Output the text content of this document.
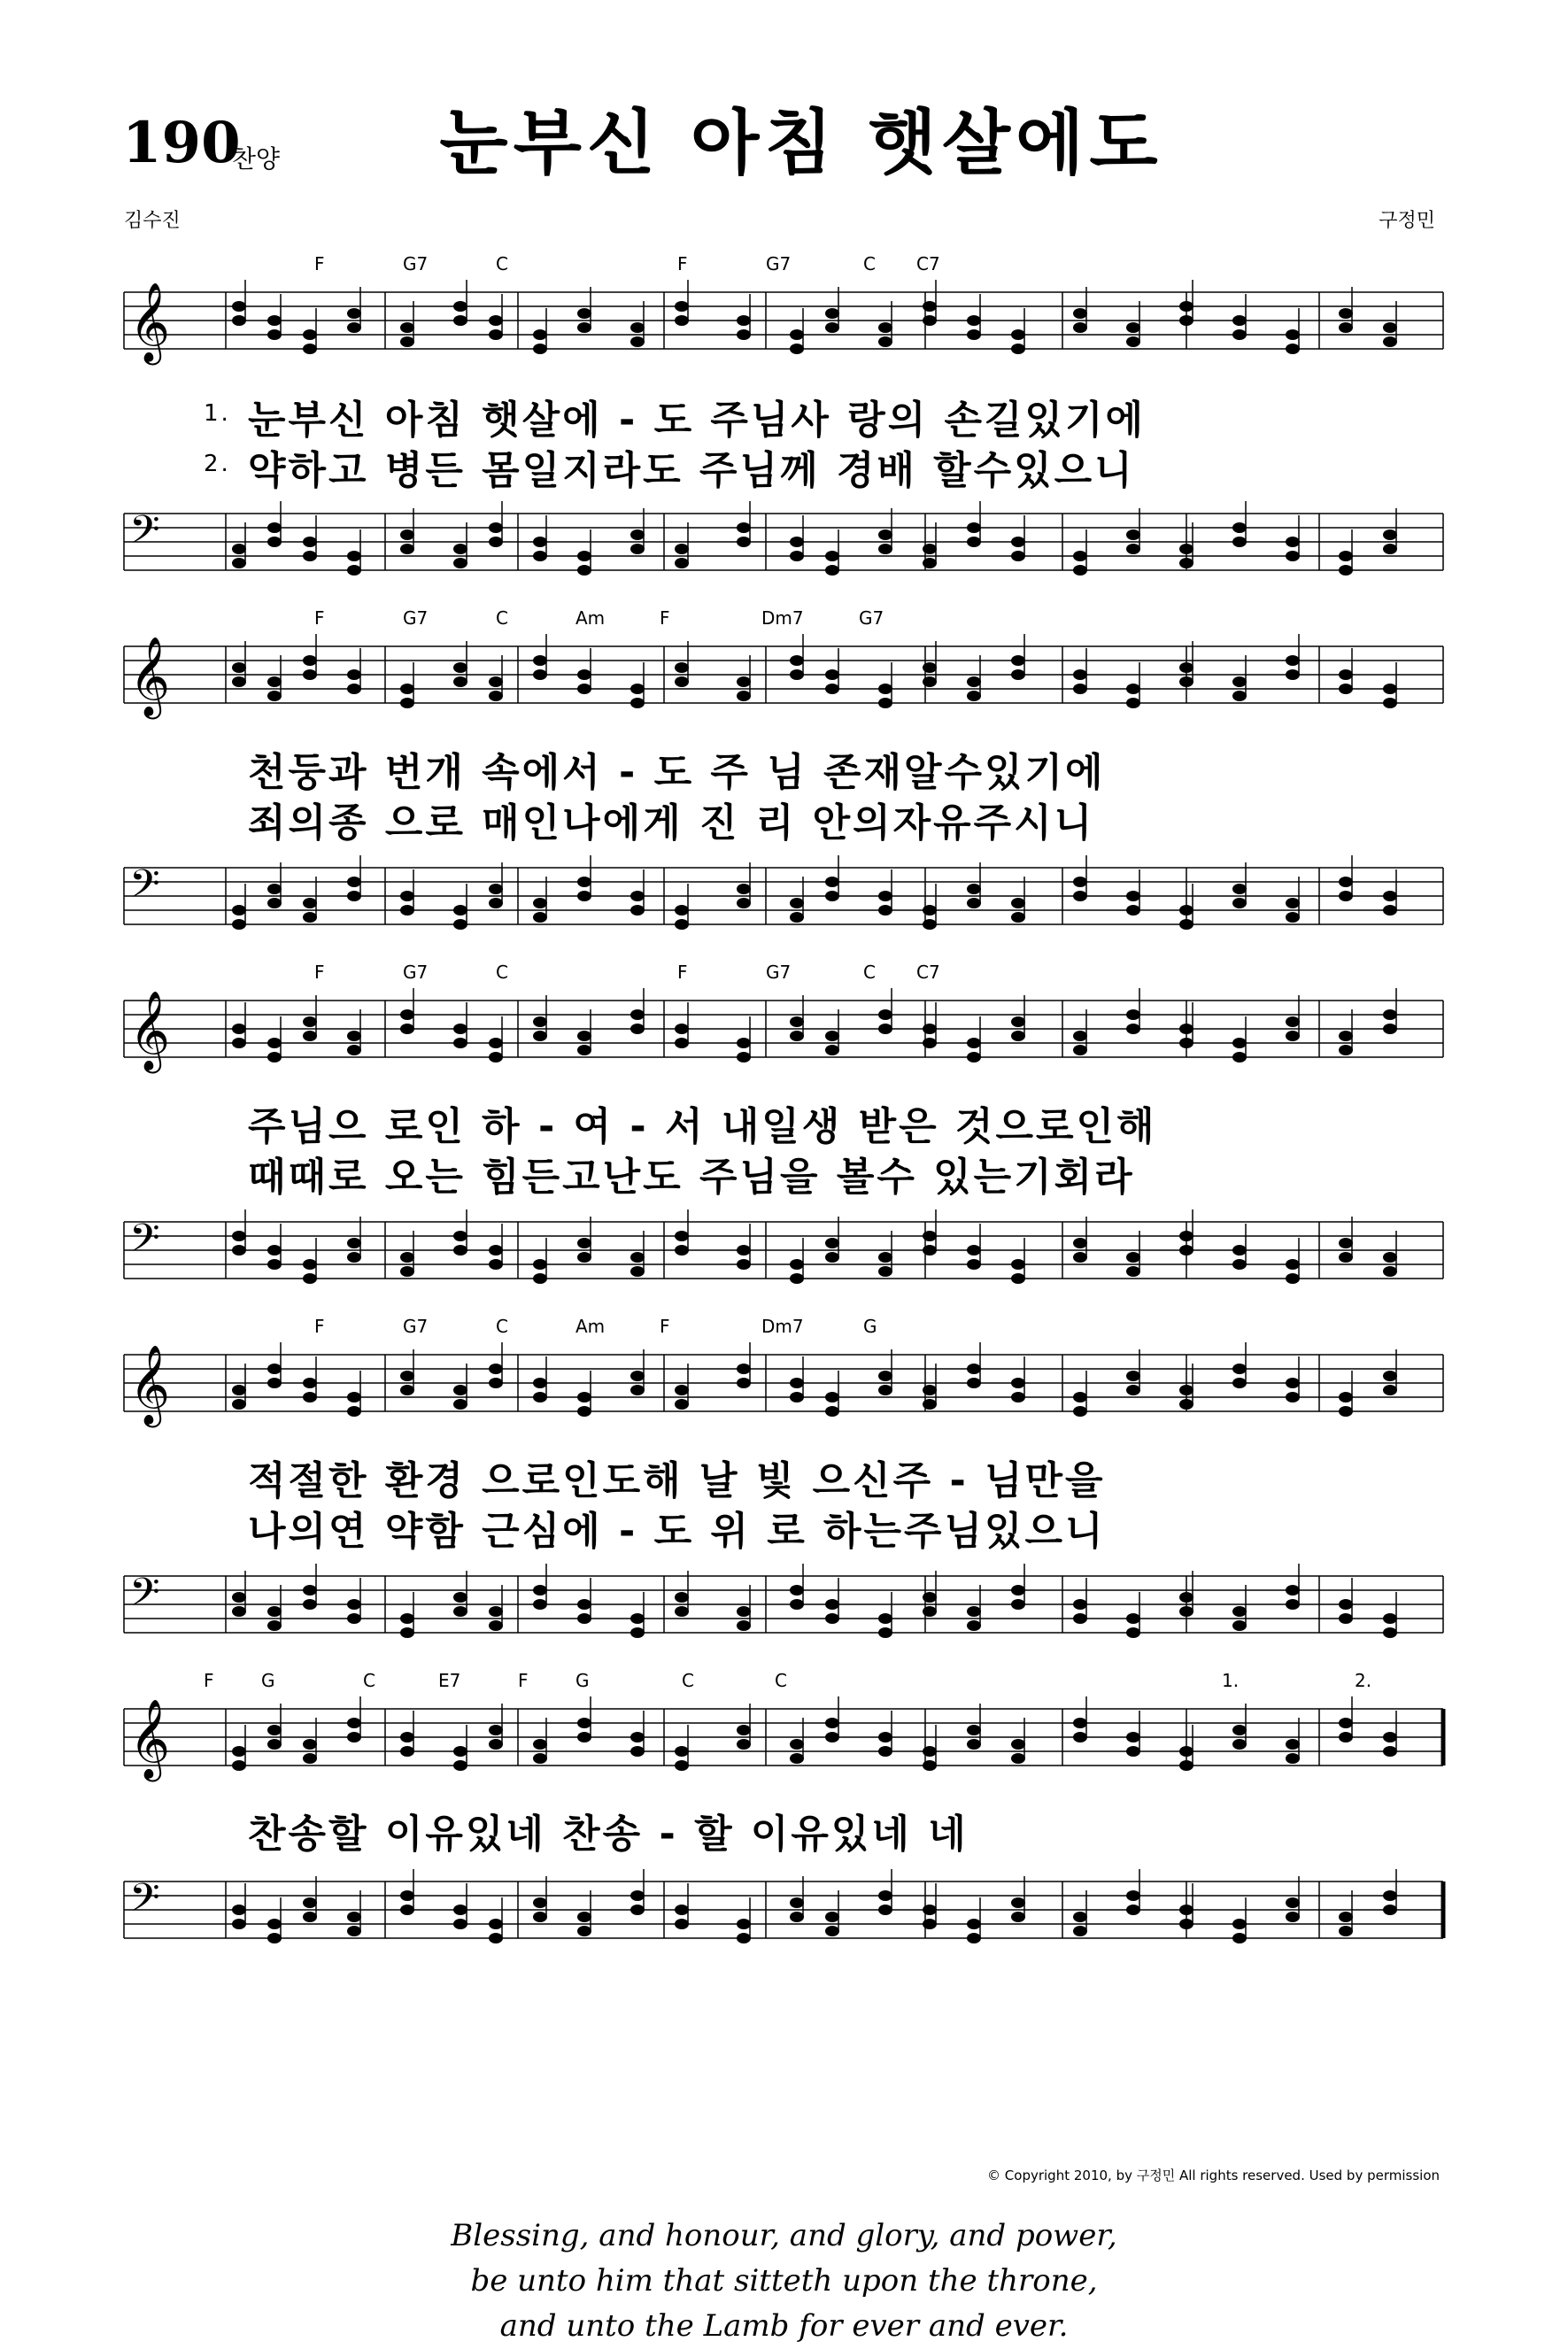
190
찬양	눈부신 아침 햇살에도
김수진	구정민
F	G7	C	F	G7	C C7
𝄞
1. 눈부신 아침 햇살에 - 도 주님사 랑의 손길있기에
2. 약하고 병든 몸일지라도 주님께 경배 할수있으니
𝄢
F	G7	C	Am	F	Dm7	G7
𝄞
천둥과 번개 속에서 - 도 주 님 존재알수있기에
죄의종 으로 매인나에게 진 리 안의자유주시니
𝄢
F	G7	C	F	G7	C C7
𝄞
주님으 로인 하 - 여 - 서 내일생 받은 것으로인해
때때로 오는 힘든고난도 주님을 볼수 있는기회라
𝄢
F	G7	C	Am	F	Dm7	G
𝄞
적절한 환경 으로인도해 날 빛 으신주 - 님만을
나의연 약함 근심에 - 도 위 로 하는주님있으니
𝄢
F	G	C	E7	F	G	C	C
𝄞
찬송할 이유있네 찬송 - 할 이유있네 네
𝄢
1.	2.
© Copyright 2010, by 구정민 All rights reserved. Used by permission
Blessing, and honour, and glory, and power,
be unto him that sitteth upon the throne,
and unto the Lamb for ever and ever.
